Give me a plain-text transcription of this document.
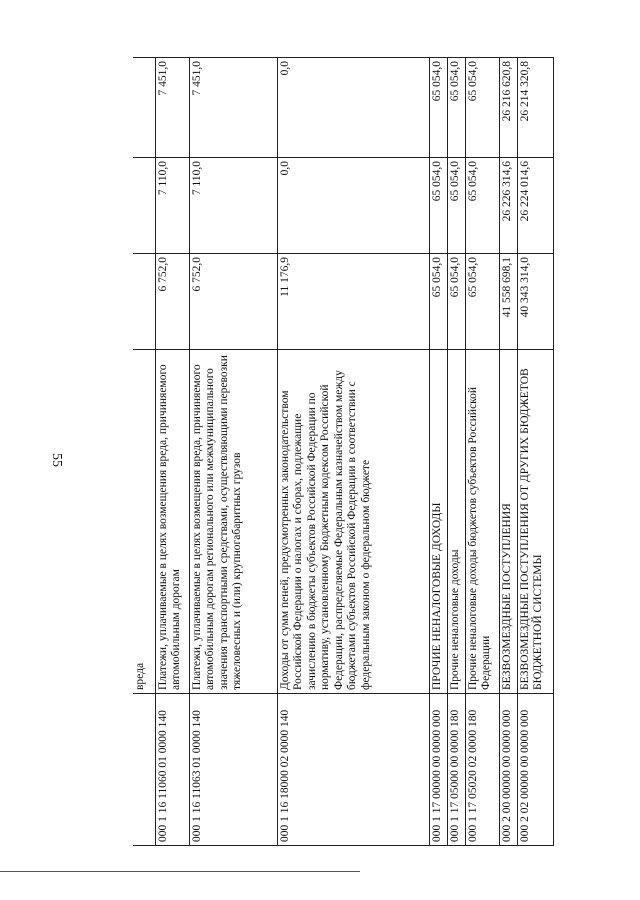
55
	вреда			
000 1 16 11060 01 0000 140	Платежи, уплачиваемые в целях возмещения вреда, причиняемого автомобильным дорогам	6 752,0	7 110,0	7 451,0
000 1 16 11063 01 0000 140	Платежи, уплачиваемые в целях возмещения вреда, причиняемого автомобильным дорогам регионального или межмуниципального значения транспортными средствами, осуществляющими перевозки тяжеловесных и (или) крупногабаритных грузов	6 752,0	7 110,0	7 451,0
000 1 16 18000 02 0000 140	Доходы от сумм пеней, предусмотренных законодательством Российской Федерации о налогах и сборах, подлежащие зачислению в бюджеты субъектов Российской Федерации по нормативу, установленному Бюджетным кодексом Российской Федерации, распределяемые Федеральным казначейством между бюджетами субъектов Российской Федерации в соответствии с федеральным законом о федеральном бюджете	11 176,9	0,0	0,0
000 1 17 00000 00 0000 000	ПРОЧИЕ НЕНАЛОГОВЫЕ ДОХОДЫ	65 054,0	65 054,0	65 054,0
000 1 17 05000 00 0000 180	Прочие неналоговые доходы	65 054,0	65 054,0	65 054,0
000 1 17 05020 02 0000 180	Прочие неналоговые доходы бюджетов субъектов Российской Федерации	65 054,0	65 054,0	65 054,0
000 2 00 00000 00 0000 000	БЕЗВОЗМЕЗДНЫЕ ПОСТУПЛЕНИЯ	41 558 698,1	26 226 314,6	26 216 620,8
000 2 02 00000 00 0000 000	БЕЗВОЗМЕЗДНЫЕ ПОСТУПЛЕНИЯ ОТ ДРУГИХ БЮДЖЕТОВ БЮДЖЕТНОЙ СИСТЕМЫ	40 343 314,0	26 224 014,6	26 214 320,8
